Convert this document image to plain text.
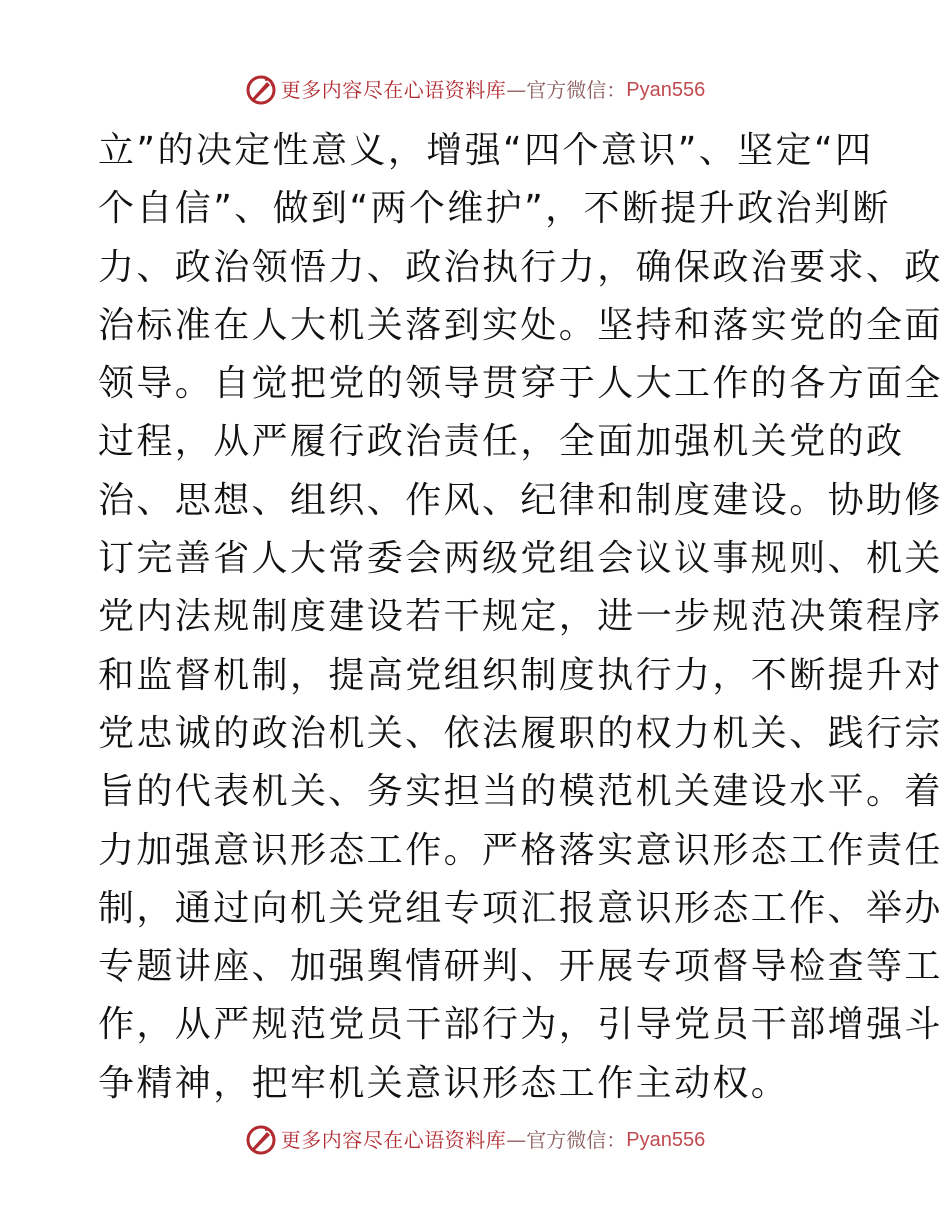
更多内容尽在心语资料库 — 官方微信： Pyan556
立”的决定性意义，增强“四个意识”、坚定“四
个自信”、做到“两个维护”，不断提升政治判断
力、政治领悟力、政治执行力，确保政治要求、政
治标准在人大机关落到实处。坚持和落实党的全面
领导。自觉把党的领导贯穿于人大工作的各方面全
过程，从严履行政治责任，全面加强机关党的政
治、思想、组织、作风、纪律和制度建设。协助修
订完善省人大常委会两级党组会议议事规则、机关
党内法规制度建设若干规定，进一步规范决策程序
和监督机制，提高党组织制度执行力，不断提升对
党忠诚的政治机关、依法履职的权力机关、践行宗
旨的代表机关、务实担当的模范机关建设水平。着
力加强意识形态工作。严格落实意识形态工作责任
制，通过向机关党组专项汇报意识形态工作、举办
专题讲座、加强舆情研判、开展专项督导检查等工
作，从严规范党员干部行为，引导党员干部增强斗
争精神，把牢机关意识形态工作主动权。
更多内容尽在心语资料库 — 官方微信： Pyan556
